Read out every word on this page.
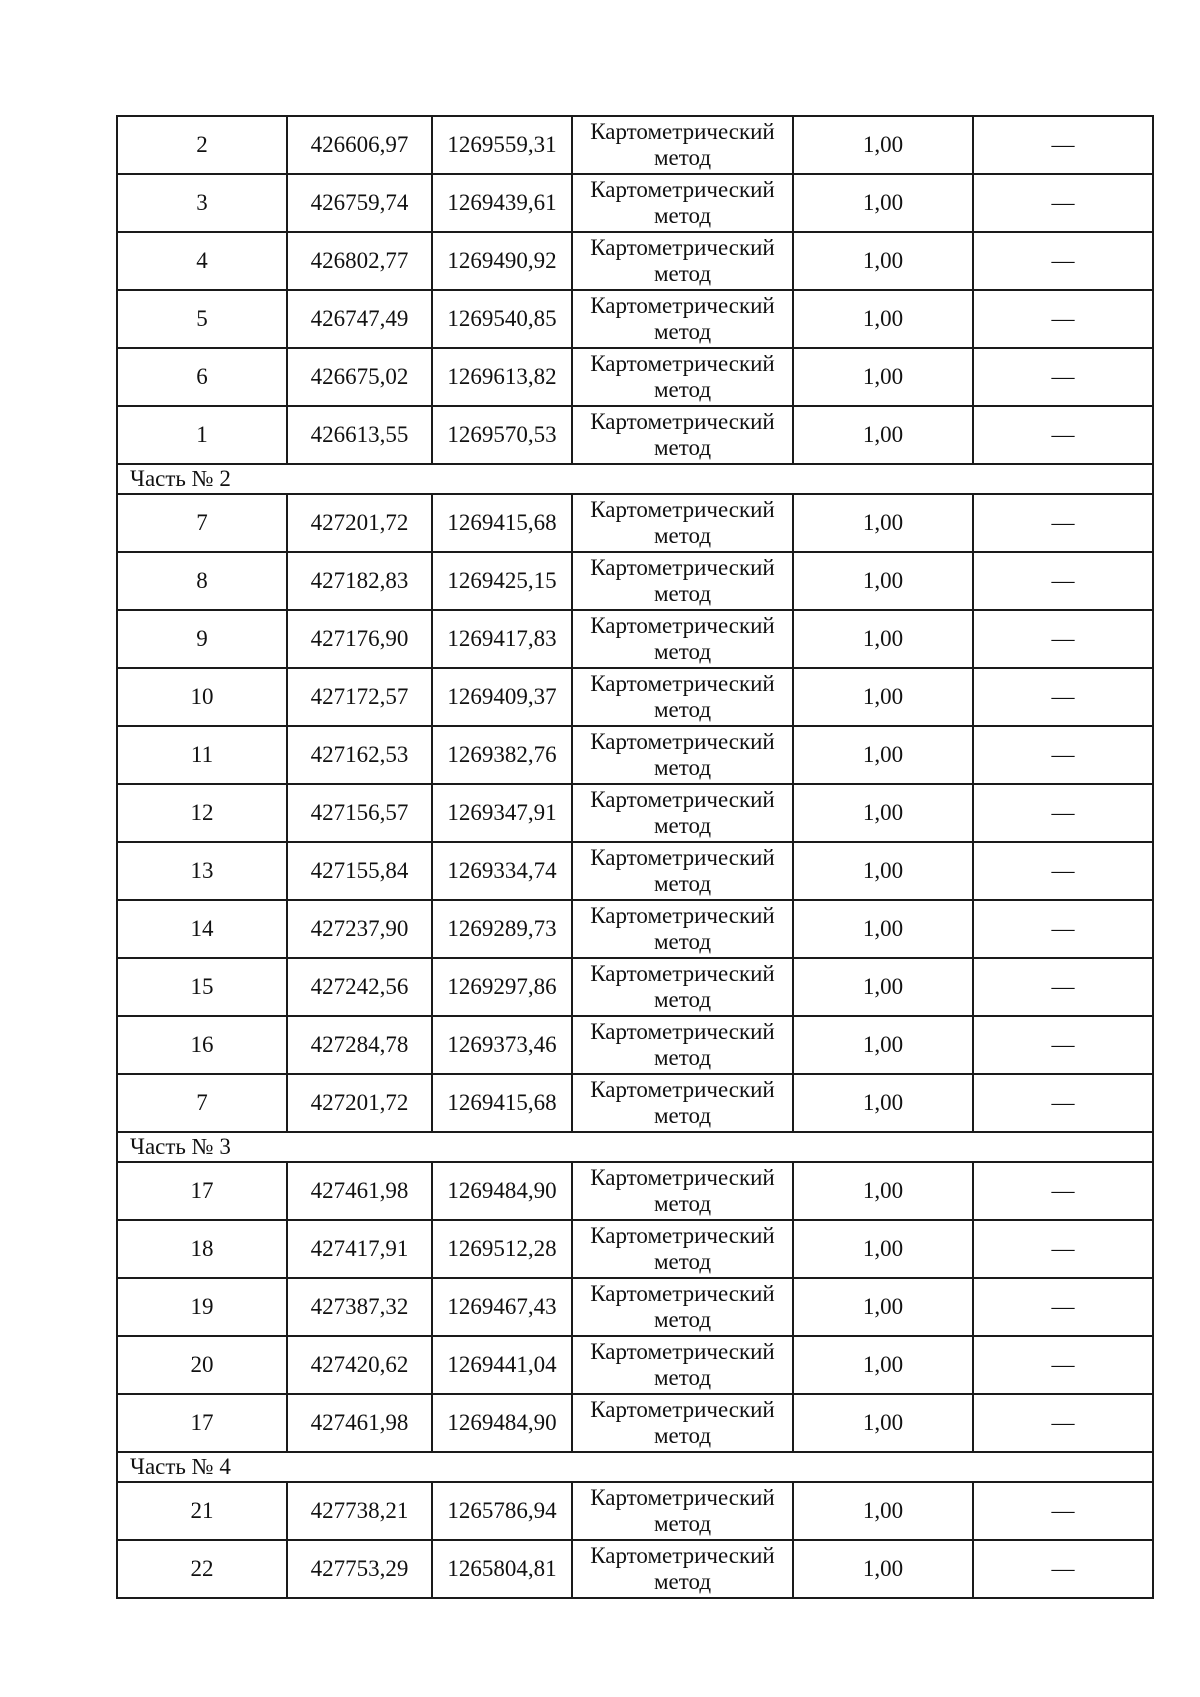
2	426606,97	1269559,31	Картометрический метод	1,00	—
3	426759,74	1269439,61	Картометрический метод	1,00	—
4	426802,77	1269490,92	Картометрический метод	1,00	—
5	426747,49	1269540,85	Картометрический метод	1,00	—
6	426675,02	1269613,82	Картометрический метод	1,00	—
1	426613,55	1269570,53	Картометрический метод	1,00	—
Часть № 2					
7	427201,72	1269415,68	Картометрический метод	1,00	—
8	427182,83	1269425,15	Картометрический метод	1,00	—
9	427176,90	1269417,83	Картометрический метод	1,00	—
10	427172,57	1269409,37	Картометрический метод	1,00	—
11	427162,53	1269382,76	Картометрический метод	1,00	—
12	427156,57	1269347,91	Картометрический метод	1,00	—
13	427155,84	1269334,74	Картометрический метод	1,00	—
14	427237,90	1269289,73	Картометрический метод	1,00	—
15	427242,56	1269297,86	Картометрический метод	1,00	—
16	427284,78	1269373,46	Картометрический метод	1,00	—
7	427201,72	1269415,68	Картометрический метод	1,00	—
Часть № 3					
17	427461,98	1269484,90	Картометрический метод	1,00	—
18	427417,91	1269512,28	Картометрический метод	1,00	—
19	427387,32	1269467,43	Картометрический метод	1,00	—
20	427420,62	1269441,04	Картометрический метод	1,00	—
17	427461,98	1269484,90	Картометрический метод	1,00	—
Часть № 4					
21	427738,21	1265786,94	Картометрический метод	1,00	—
22	427753,29	1265804,81	Картометрический метод	1,00	—
